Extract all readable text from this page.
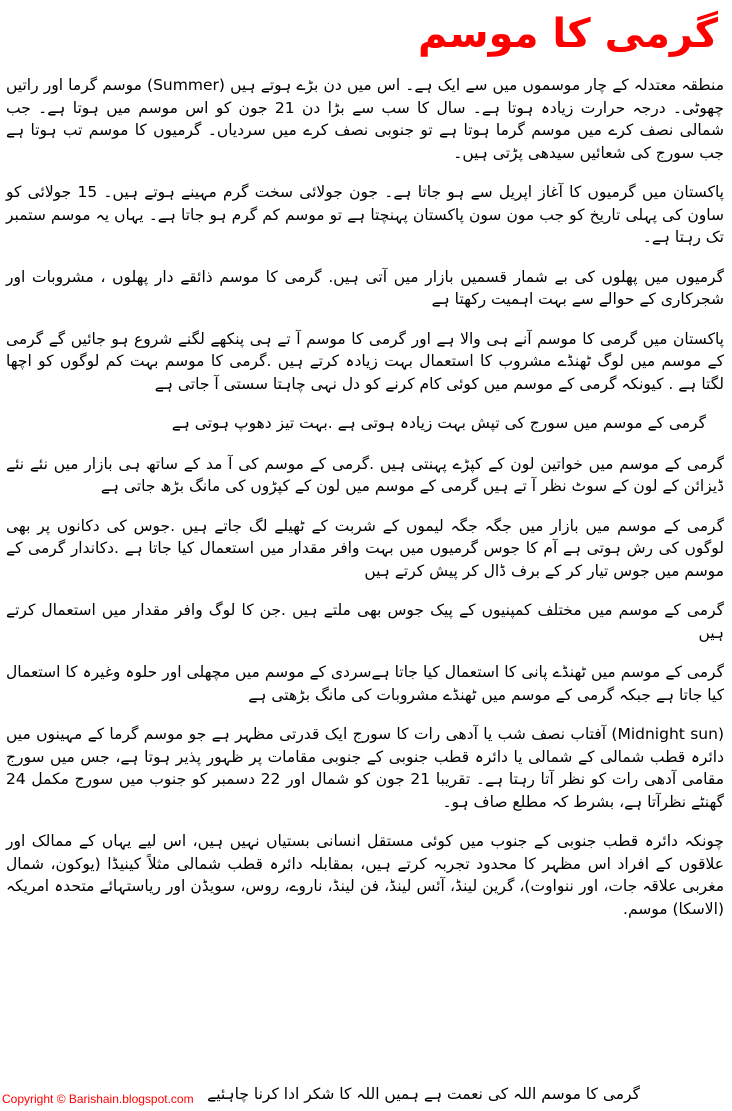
گرمی کا موسم

منطقہ معتدلہ کے چار موسموں میں سے ایک ہے۔ اس میں دن بڑے ہوتے ہیں (Summer) موسم گرما اور راتیں چھوٹی۔ درجہ حرارت زیادہ ہوتا ہے۔ سال کا سب سے بڑا دن 21 جون کو اس موسم میں ہوتا ہے۔ جب شمالی نصف کرے میں موسم گرما ہوتا ہے تو جنوبی نصف کرے میں سردیاں۔ گرمیوں کا موسم تب ہوتا ہے جب سورج کی شعائیں سیدھی پڑتی ہیں۔

پاکستان میں گرمیوں کا آغاز اپریل سے ہو جاتا ہے۔ جون جولائی سخت گرم مہینے ہوتے ہیں۔ 15 جولائی کو ساون کی پہلی تاریخ کو جب مون سون پاکستان پہنچتا ہے تو موسم کم گرم ہو جاتا ہے۔ یہاں یہ موسم ستمبر تک رہتا ہے۔

گرمیوں میں پھلوں کی بے شمار قسمیں بازار میں آتی ہیں. گرمی کا موسم ذائقے دار پھلوں ، مشروبات اور شجرکاری کے حوالے سے بہت اہمیت رکھتا ہے

پاکستان میں گرمی کا موسم آنے ہی والا ہے اور گرمی کا موسم آ تے ہی پنکھے لگنے شروع ہو جائیں گے گرمی کے موسم میں لوگ ٹھنڈے مشروب کا استعمال بہت زیادہ کرتے ہیں .گرمی کا موسم بہت کم لوگوں کو اچھا لگتا ہے . کیونکہ گرمی کے موسم میں کوئی کام کرنے کو دل نہی چاہتا سستی آ جاتی ہے

گرمی کے موسم میں سورج کی تپش بہت زیادہ ہوتی ہے .بہت تیز دھوپ ہوتی ہے

گرمی کے موسم میں خواتین لون کے کپڑے پہنتی ہیں .گرمی کے موسم کی آ مد کے ساتھ ہی بازار میں نئے نئے ڈیزائن کے لون کے سوٹ نظر آ تے ہیں گرمی کے موسم میں لون کے کپڑوں کی مانگ بڑھ جاتی ہے

گرمی کے موسم میں بازار میں جگہ جگہ لیموں کے شربت کے ٹھیلے لگ جاتے ہیں .جوس کی دکانوں پر بھی لوگوں کی رش ہوتی ہے آم کا جوس گرمیوں میں بہت وافر مقدار میں استعمال کیا جاتا ہے .دکاندار گرمی کے موسم میں جوس تیار کر کے برف ڈال کر پیش کرتے ہیں

گرمی کے موسم میں مختلف کمپنیوں کے پیک جوس بھی ملتے ہیں .جن کا لوگ وافر مقدار میں استعمال کرتے ہیں

گرمی کے موسم میں ٹھنڈے پانی کا استعمال کیا جاتا ہےسردی کے موسم میں مچھلی اور حلوہ وغیرہ کا استعمال کیا جاتا ہے جبکہ گرمی کے موسم میں ٹھنڈے مشروبات کی مانگ بڑھتی ہے

(Midnight sun) آفتاب نصف شب یا آدھی رات کا سورج ایک قدرتی مظہر ہے جو موسم گرما کے مہینوں میں دائرہ قطب شمالی کے شمالی یا دائرہ قطب جنوبی کے جنوبی مقامات پر ظہور پذیر ہوتا ہے، جس میں سورج مقامی آدھی رات کو نظر آتا رہتا ہے۔ تقریبا 21 جون کو شمال اور 22 دسمبر کو جنوب میں سورج مکمل 24 گھنٹے نظرآتا ہے، بشرط کہ مطلع صاف ہو۔

چونکہ دائرہ قطب جنوبی کے جنوب میں کوئی مستقل انسانی بستیاں نہیں ہیں، اس لیے یہاں کے ممالک اور علاقوں کے افراد اس مظہر کا محدود تجربہ کرتے ہیں، بمقابلہ دائرہ قطب شمالی مثلاً کینیڈا (یوکون، شمال مغربی علاقہ جات، اور ننواوت)، گرین لینڈ، آئس لینڈ، فن لینڈ، ناروے، روس، سویڈن اور ریاستہائے متحدہ امریکہ (الاسکا) موسم.

گرمی کا موسم اللہ کی نعمت ہے ہمیں اللہ کا شکر ادا کرنا چاہئیے

Copyright © Barishain.blogspot.com
